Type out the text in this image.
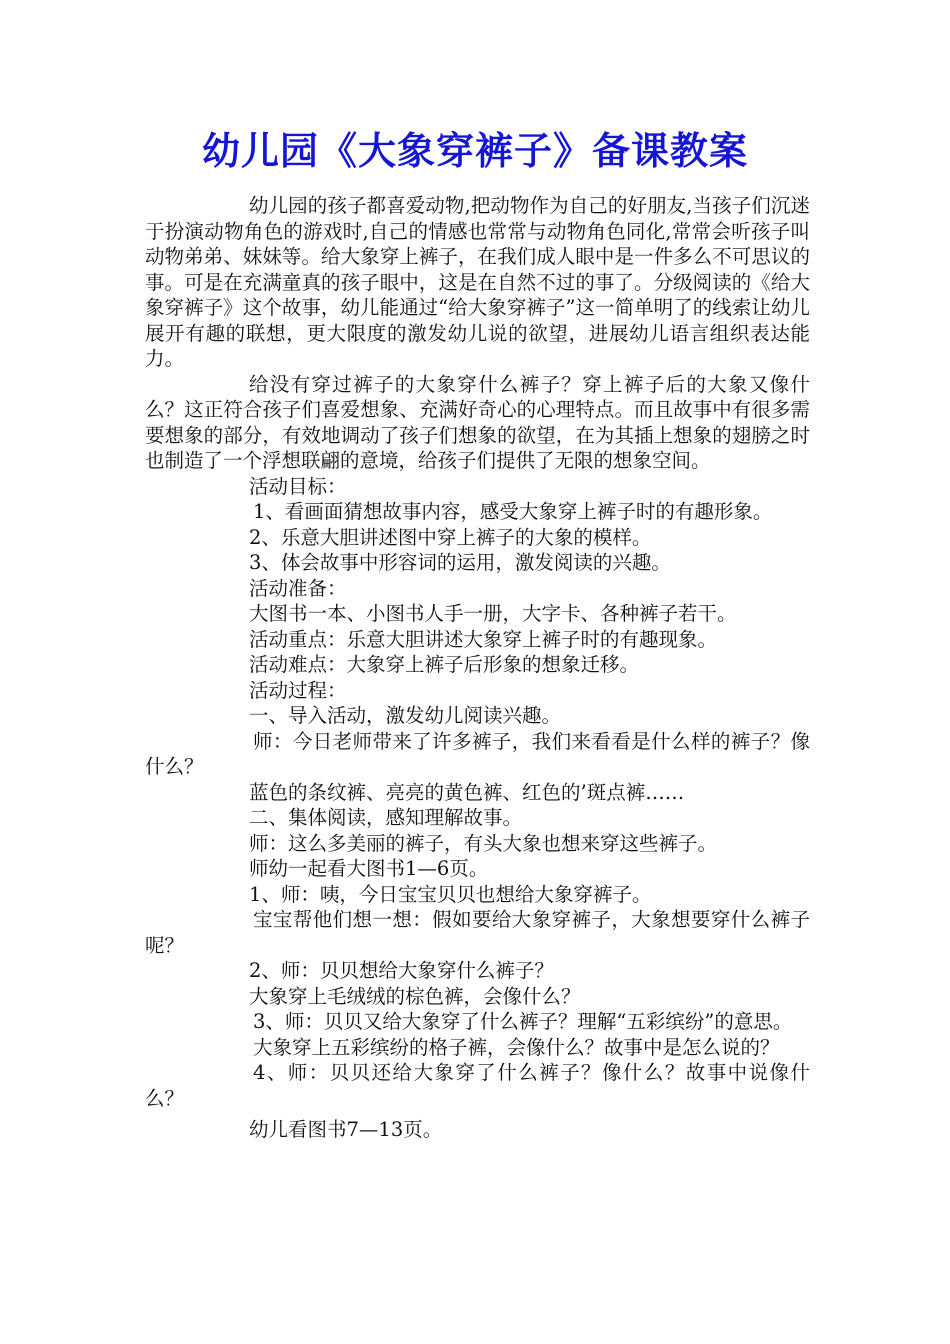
幼儿园《大象穿裤子》备课教案

幼儿园的孩子都喜爱动物,把动物作为自己的好朋友,当孩子们沉迷于扮演动物角色的游戏时,自己的情感也常常与动物角色同化,常常会听孩子叫动物弟弟、妹妹等。给大象穿上裤子，在我们成人眼中是一件多么不可思议的事。可是在充满童真的孩子眼中，这是在自然不过的事了。分级阅读的《给大象穿裤子》这个故事，幼儿能通过“给大象穿裤子”这一简单明了的线索让幼儿展开有趣的联想，更大限度的激发幼儿说的欲望，进展幼儿语言组织表达能力。

给没有穿过裤子的大象穿什么裤子？穿上裤子后的大象又像什么？这正符合孩子们喜爱想象、充满好奇心的心理特点。而且故事中有很多需要想象的部分，有效地调动了孩子们想象的欲望，在为其插上想象的翅膀之时也制造了一个浮想联翩的意境，给孩子们提供了无限的想象空间。

活动目标：

1、看画面猜想故事内容，感受大象穿上裤子时的有趣形象。

2、乐意大胆讲述图中穿上裤子的大象的模样。

3、体会故事中形容词的运用，激发阅读的兴趣。

活动准备：

大图书一本、小图书人手一册，大字卡、各种裤子若干。

活动重点：乐意大胆讲述大象穿上裤子时的有趣现象。

活动难点：大象穿上裤子后形象的想象迁移。

活动过程：

一、导入活动，激发幼儿阅读兴趣。

师：今日老师带来了许多裤子，我们来看看是什么样的裤子？像什么？

蓝色的条纹裤、亮亮的黄色裤、红色的’斑点裤……

二、集体阅读，感知理解故事。

师：这么多美丽的裤子，有头大象也想来穿这些裤子。

师幼一起看大图书1—6页。

1、师：咦，今日宝宝贝贝也想给大象穿裤子。

宝宝帮他们想一想：假如要给大象穿裤子，大象想要穿什么裤子呢？

2、师：贝贝想给大象穿什么裤子？

大象穿上毛绒绒的棕色裤，会像什么？

3、师：贝贝又给大象穿了什么裤子？理解“五彩缤纷”的意思。

大象穿上五彩缤纷的格子裤，会像什么？故事中是怎么说的？

4、师：贝贝还给大象穿了什么裤子？像什么？故事中说像什么？

幼儿看图书7—13页。
